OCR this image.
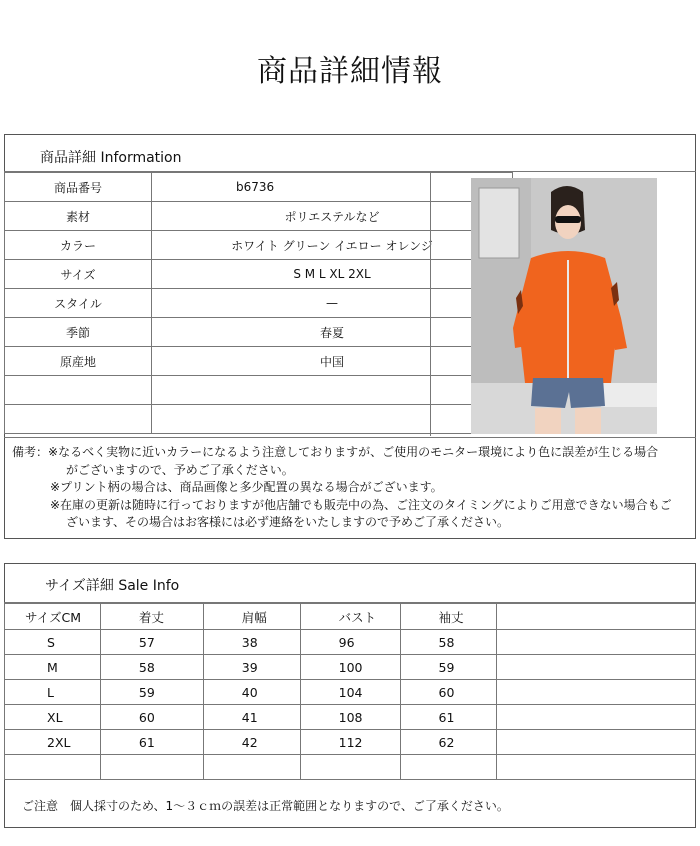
商品詳細情報
商品詳細 Information
商品番号	b6736
素材	ポリエステルなど
カラー	ホワイト グリーン イエロー オレンジ
サイズ	S M L XL 2XL
スタイル	—
季節	春夏
原産地	中国

備考：※なるべく実物に近いカラーになるよう注意しておりますが、ご使用のモニター環境により色に誤差が生じる場合
がございますので、予めご了承ください。
※プリント柄の場合は、商品画像と多少配置の異なる場合がございます。
※在庫の更新は随時に行っておりますが他店舗でも販売中の為、ご注文のタイミングによりご用意できない場合もご
ざいます、その場合はお客様には必ず連絡をいたしますので予めご了承ください。
サイズ詳細 Sale Info
サイズCM	着丈	肩幅	バスト	袖丈	
S	57	38	96	58	
M	58	39	100	59	
L	59	40	104	60	
XL	60	41	108	61	
2XL	61	42	112	62	

ご注意　個人採寸のため、1～３ｃｍの誤差は正常範囲となりますので、ご了承ください。
